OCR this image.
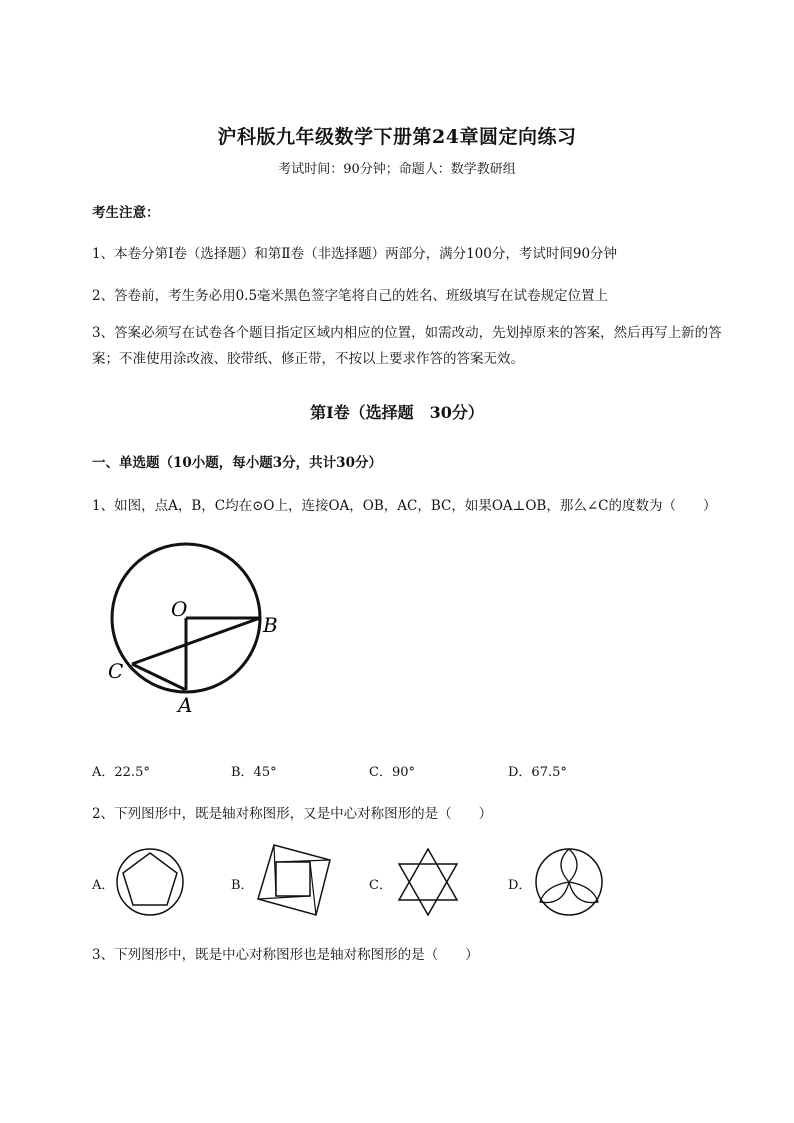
沪科版九年级数学下册第24章圆定向练习
考试时间：90分钟；命题人：数学教研组
考生注意：
1、本卷分第I卷（选择题）和第Ⅱ卷（非选择题）两部分，满分100分，考试时间90分钟
2、答卷前，考生务必用0.5毫米黑色签字笔将自己的姓名、班级填写在试卷规定位置上
3、答案必须写在试卷各个题目指定区域内相应的位置，如需改动，先划掉原来的答案，然后再写上新的答案；不准使用涂改液、胶带纸、修正带，不按以上要求作答的答案无效。
第I卷（选择题　30分）
一、单选题（10小题，每小题3分，共计30分）
1、如图，点A，B，C均在⊙O上，连接OA，OB，AC，BC，如果OA⊥OB，那么∠C的度数为（　　）
O
B
C
A
A．22.5°	B．45°	C．90°	D．67.5°
2、下列图形中，既是轴对称图形，又是中心对称图形的是（　　）
A．	B．	C．	D．
3、下列图形中，既是中心对称图形也是轴对称图形的是（　　）
